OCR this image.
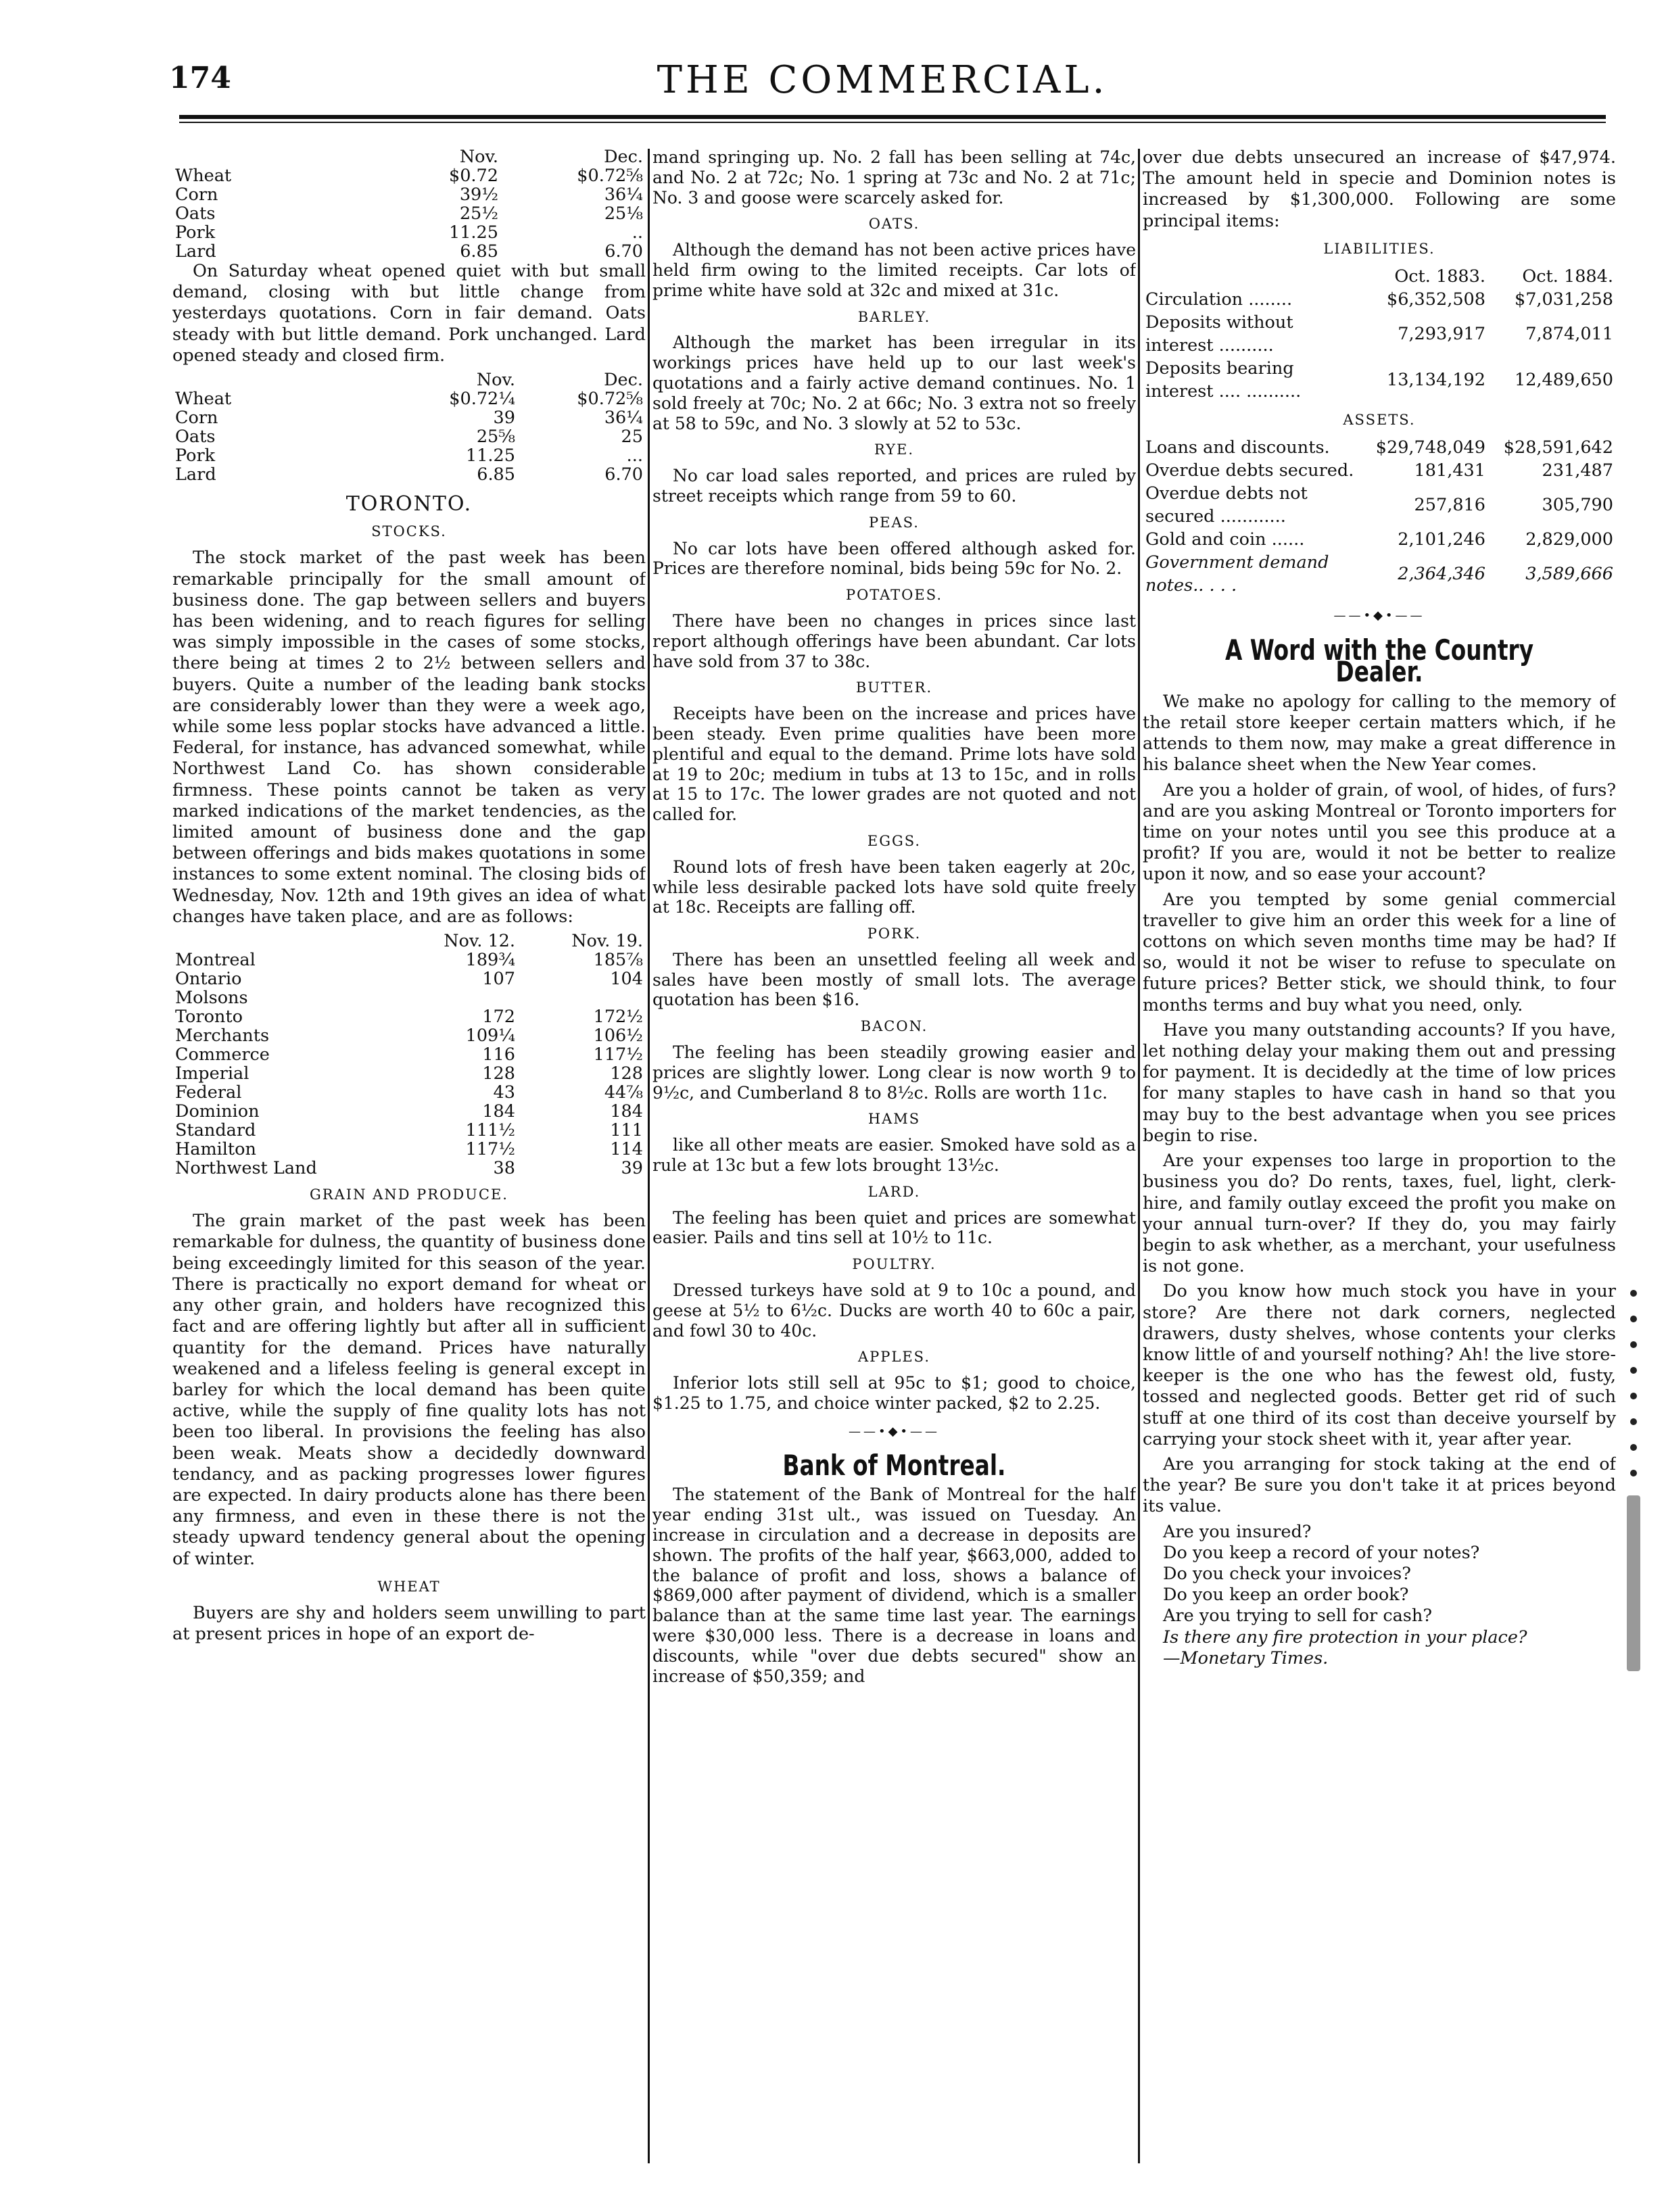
174	THE COMMERCIAL.
	Nov.	Dec.
Wheat	$0.72	$0.72⅝
Corn	39½	36¼
Oats	25½	25⅛
Pork	11.25	..
Lard	6.85	6.70

On Saturday wheat opened quiet with but small demand, closing with but little change from yesterdays quotations. Corn in fair demand. Oats steady with but little demand. Pork unchanged. Lard opened steady and closed firm.

	Nov.	Dec.
Wheat	$0.72¼	$0.72⅝
Corn	39	36¼
Oats	25⅝	25
Pork	11.25	...
Lard	6.85	6.70
TORONTO.
STOCKS.

The stock market of the past week has been remarkable principally for the small amount of business done. The gap between sellers and buyers has been widening, and to reach figures for selling was simply impossible in the cases of some stocks, there being at times 2 to 2½ between sellers and buyers. Quite a number of the leading bank stocks are considerably lower than they were a week ago, while some less poplar stocks have advanced a little. Federal, for instance, has advanced somewhat, while Northwest Land Co. has shown considerable firmness. These points cannot be taken as very marked indications of the market tendencies, as the limited amount of business done and the gap between offerings and bids makes quotations in some instances to some extent nominal. The closing bids of Wednesday, Nov. 12th and 19th gives an idea of what changes have taken place, and are as follows:

	Nov. 12.	Nov. 19.
Montreal	189¾	185⅞
Ontario	107	104
Molsons		
Toronto	172	172½
Merchants	109¼	106½
Commerce	116	117½
Imperial	128	128
Federal	43	44⅞
Dominion	184	184
Standard	111½	111
Hamilton	117½	114
Northwest Land	38	39
GRAIN AND PRODUCE.

The grain market of the past week has been remarkable for dulness, the quantity of business done being exceedingly limited for this season of the year. There is practically no export demand for wheat or any other grain, and holders have recognized this fact and are offering lightly but after all in sufficient quantity for the demand. Prices have naturally weakened and a lifeless feeling is general except in barley for which the local demand has been quite active, while the supply of fine quality lots has not been too liberal. In provisions the feeling has also been weak. Meats show a decidedly downward tendancy, and as packing progresses lower figures are expected. In dairy products alone has there been any firmness, and even in these there is not the steady upward tendency general about the opening of winter.

WHEAT

Buyers are shy and holders seem unwilling to part at present prices in hope of an export de-

mand springing up. No. 2 fall has been selling at 74c, and No. 2 at 72c; No. 1 spring at 73c and No. 2 at 71c; No. 3 and goose were scarcely asked for.

OATS.

Although the demand has not been active prices have held firm owing to the limited receipts. Car lots of prime white have sold at 32c and mixed at 31c.

BARLEY.

Although the market has been irregular in its workings prices have held up to our last week's quotations and a fairly active demand continues. No. 1 sold freely at 70c; No. 2 at 66c; No. 3 extra not so freely at 58 to 59c, and No. 3 slowly at 52 to 53c.

RYE.

No car load sales reported, and prices are ruled by street receipts which range from 59 to 60.

PEAS.

No car lots have been offered although asked for. Prices are therefore nominal, bids being 59c for No. 2.

POTATOES.

There have been no changes in prices since last report although offerings have been abundant. Car lots have sold from 37 to 38c.

BUTTER.

Receipts have been on the increase and prices have been steady. Even prime qualities have been more plentiful and equal to the demand. Prime lots have sold at 19 to 20c; medium in tubs at 13 to 15c, and in rolls at 15 to 17c. The lower grades are not quoted and not called for.

EGGS.

Round lots of fresh have been taken eagerly at 20c, while less desirable packed lots have sold quite freely at 18c. Receipts are falling off.

PORK.

There has been an unsettled feeling all week and sales have been mostly of small lots. The average quotation has been $16.

BACON.

The feeling has been steadily growing easier and prices are slightly lower. Long clear is now worth 9 to 9½c, and Cumberland 8 to 8½c. Rolls are worth 11c.

HAMS

like all other meats are easier. Smoked have sold as a rule at 13c but a few lots brought 13½c.

LARD.

The feeling has been quiet and prices are somewhat easier. Pails and tins sell at 10½ to 11c.

POULTRY.

Dressed turkeys have sold at 9 to 10c a pound, and geese at 5½ to 6½c. Ducks are worth 40 to 60c a pair, and fowl 30 to 40c.

APPLES.

Inferior lots still sell at 95c to $1; good to choice, $1.25 to 1.75, and choice winter packed, $2 to 2.25.

——•◆•——
Bank of Montreal.

The statement of the Bank of Montreal for the half year ending 31st ult., was issued on Tuesday. An increase in circulation and a decrease in deposits are shown. The profits of the half year, $663,000, added to the balance of profit and loss, shows a balance of $869,000 after payment of dividend, which is a smaller balance than at the same time last year. The earnings were $30,000 less. There is a decrease in loans and discounts, while "over due debts secured" show an increase of $50,359; and

over due debts unsecured an increase of $47,974. The amount held in specie and Dominion notes is increased by $1,300,000. Following are some principal items:

LIABILITIES.
	Oct. 1883.	Oct. 1884.
Circulation ........	$6,352,508	$7,031,258
Deposits without interest ..........	7,293,917	7,874,011
Deposits bearing interest .... ..........	13,134,192	12,489,650
ASSETS.
Loans and discounts.	$29,748,049	$28,591,642
Overdue debts secured.	181,431	231,487
Overdue debts not secured ............	257,816	305,790
Gold and coin ......	2,101,246	2,829,000
Government demand notes.. . . .	2,364,346	3,589,666
——•◆•——
A Word with the Country Dealer.

We make no apology for calling to the memory of the retail store keeper certain matters which, if he attends to them now, may make a great difference in his balance sheet when the New Year comes.

Are you a holder of grain, of wool, of hides, of furs? and are you asking Montreal or Toronto importers for time on your notes until you see this produce at a profit? If you are, would it not be better to realize upon it now, and so ease your account?

Are you tempted by some genial commercial traveller to give him an order this week for a line of cottons on which seven months time may be had? If so, would it not be wiser to refuse to speculate on future prices? Better stick, we should think, to four months terms and buy what you need, only.

Have you many outstanding accounts? If you have, let nothing delay your making them out and pressing for payment. It is decidedly at the time of low prices for many staples to have cash in hand so that you may buy to the best advantage when you see prices begin to rise.

Are your expenses too large in proportion to the business you do? Do rents, taxes, fuel, light, clerk-hire, and family outlay exceed the profit you make on your annual turn-over? If they do, you may fairly begin to ask whether, as a merchant, your usefulness is not gone.

Do you know how much stock you have in your store? Are there not dark corners, neglected drawers, dusty shelves, whose contents your clerks know little of and yourself nothing? Ah! the live store-keeper is the one who has the fewest old, fusty, tossed and neglected goods. Better get rid of such stuff at one third of its cost than deceive yourself by carrying your stock sheet with it, year after year.

Are you arranging for stock taking at the end of the year? Be sure you don't take it at prices beyond its value.

Are you insured?

Do you keep a record of your notes?

Do you check your invoices?

Do you keep an order book?

Are you trying to sell for cash?

Is there any fire protection in your place?

—Monetary Times.
